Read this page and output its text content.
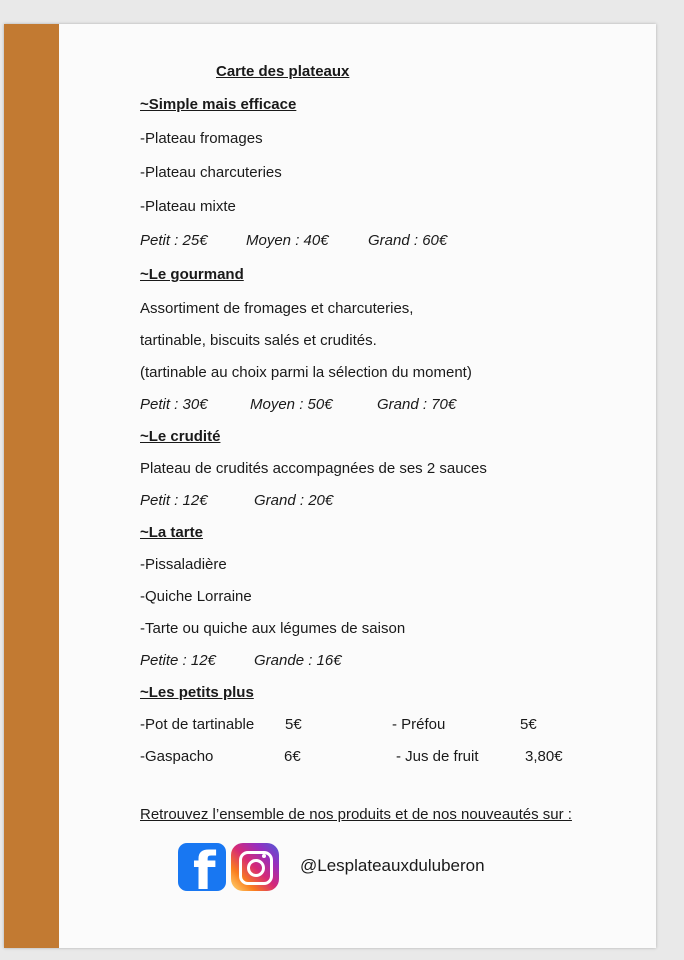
Carte des plateaux
~Simple mais efficace
-Plateau fromages
-Plateau charcuteries
-Plateau mixte
Petit : 25€	Moyen : 40€	Grand : 60€
~Le gourmand
Assortiment de fromages et charcuteries,
tartinable, biscuits salés et crudités.
(tartinable au choix parmi la sélection du moment)
Petit : 30€	Moyen : 50€	Grand : 70€
~Le crudité
Plateau de crudités accompagnées de ses 2 sauces
Petit : 12€	Grand : 20€
~La tarte
-Pissaladière
-Quiche Lorraine
-Tarte ou quiche aux légumes de saison
Petite : 12€	Grande : 16€
~Les petits plus
-Pot de tartinable 5€	- Préfou	5€
-Gaspacho	6€	- Jus de fruit	3,80€
Retrouvez l’ensemble de nos produits et de nos nouveautés sur :
f	@Lesplateauxduluberon
